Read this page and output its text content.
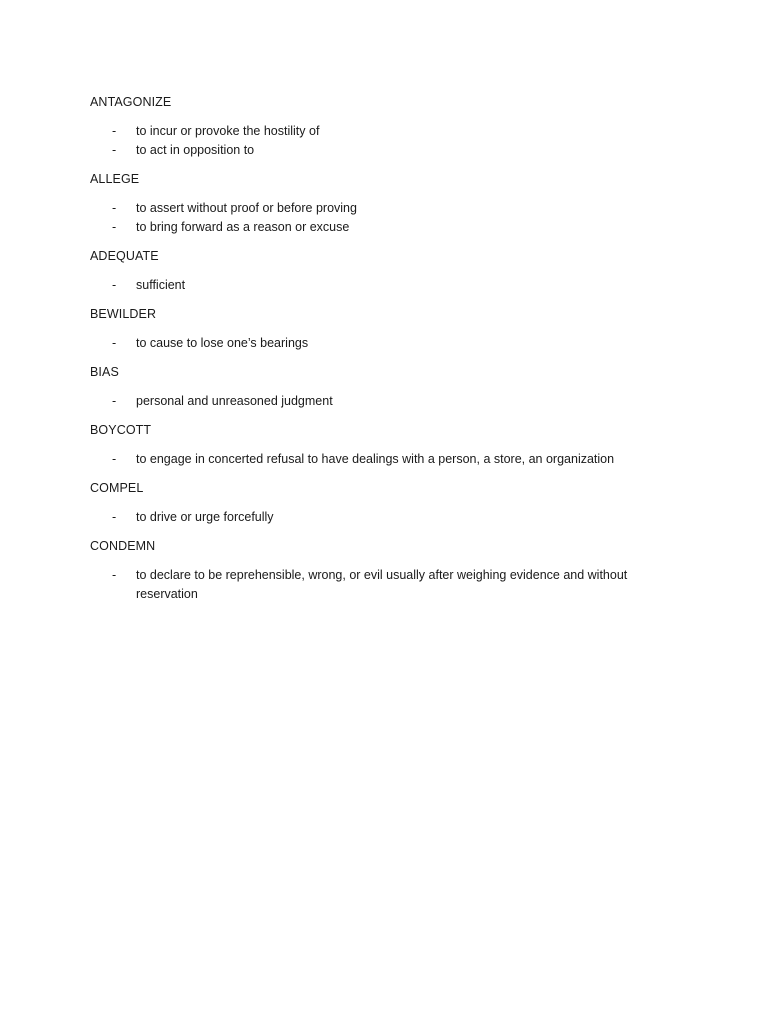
ANTAGONIZE
- to incur or provoke the hostility of
- to act in opposition to
ALLEGE
- to assert without proof or before proving
- to bring forward as a reason or excuse
ADEQUATE
- sufficient
BEWILDER
- to cause to lose one’s bearings
BIAS
- personal and unreasoned judgment
BOYCOTT
- to engage in concerted refusal to have dealings with a person, a store, an organization
COMPEL
- to drive or urge forcefully
CONDEMN
- to declare to be reprehensible, wrong, or evil usually after weighing evidence and without reservation
